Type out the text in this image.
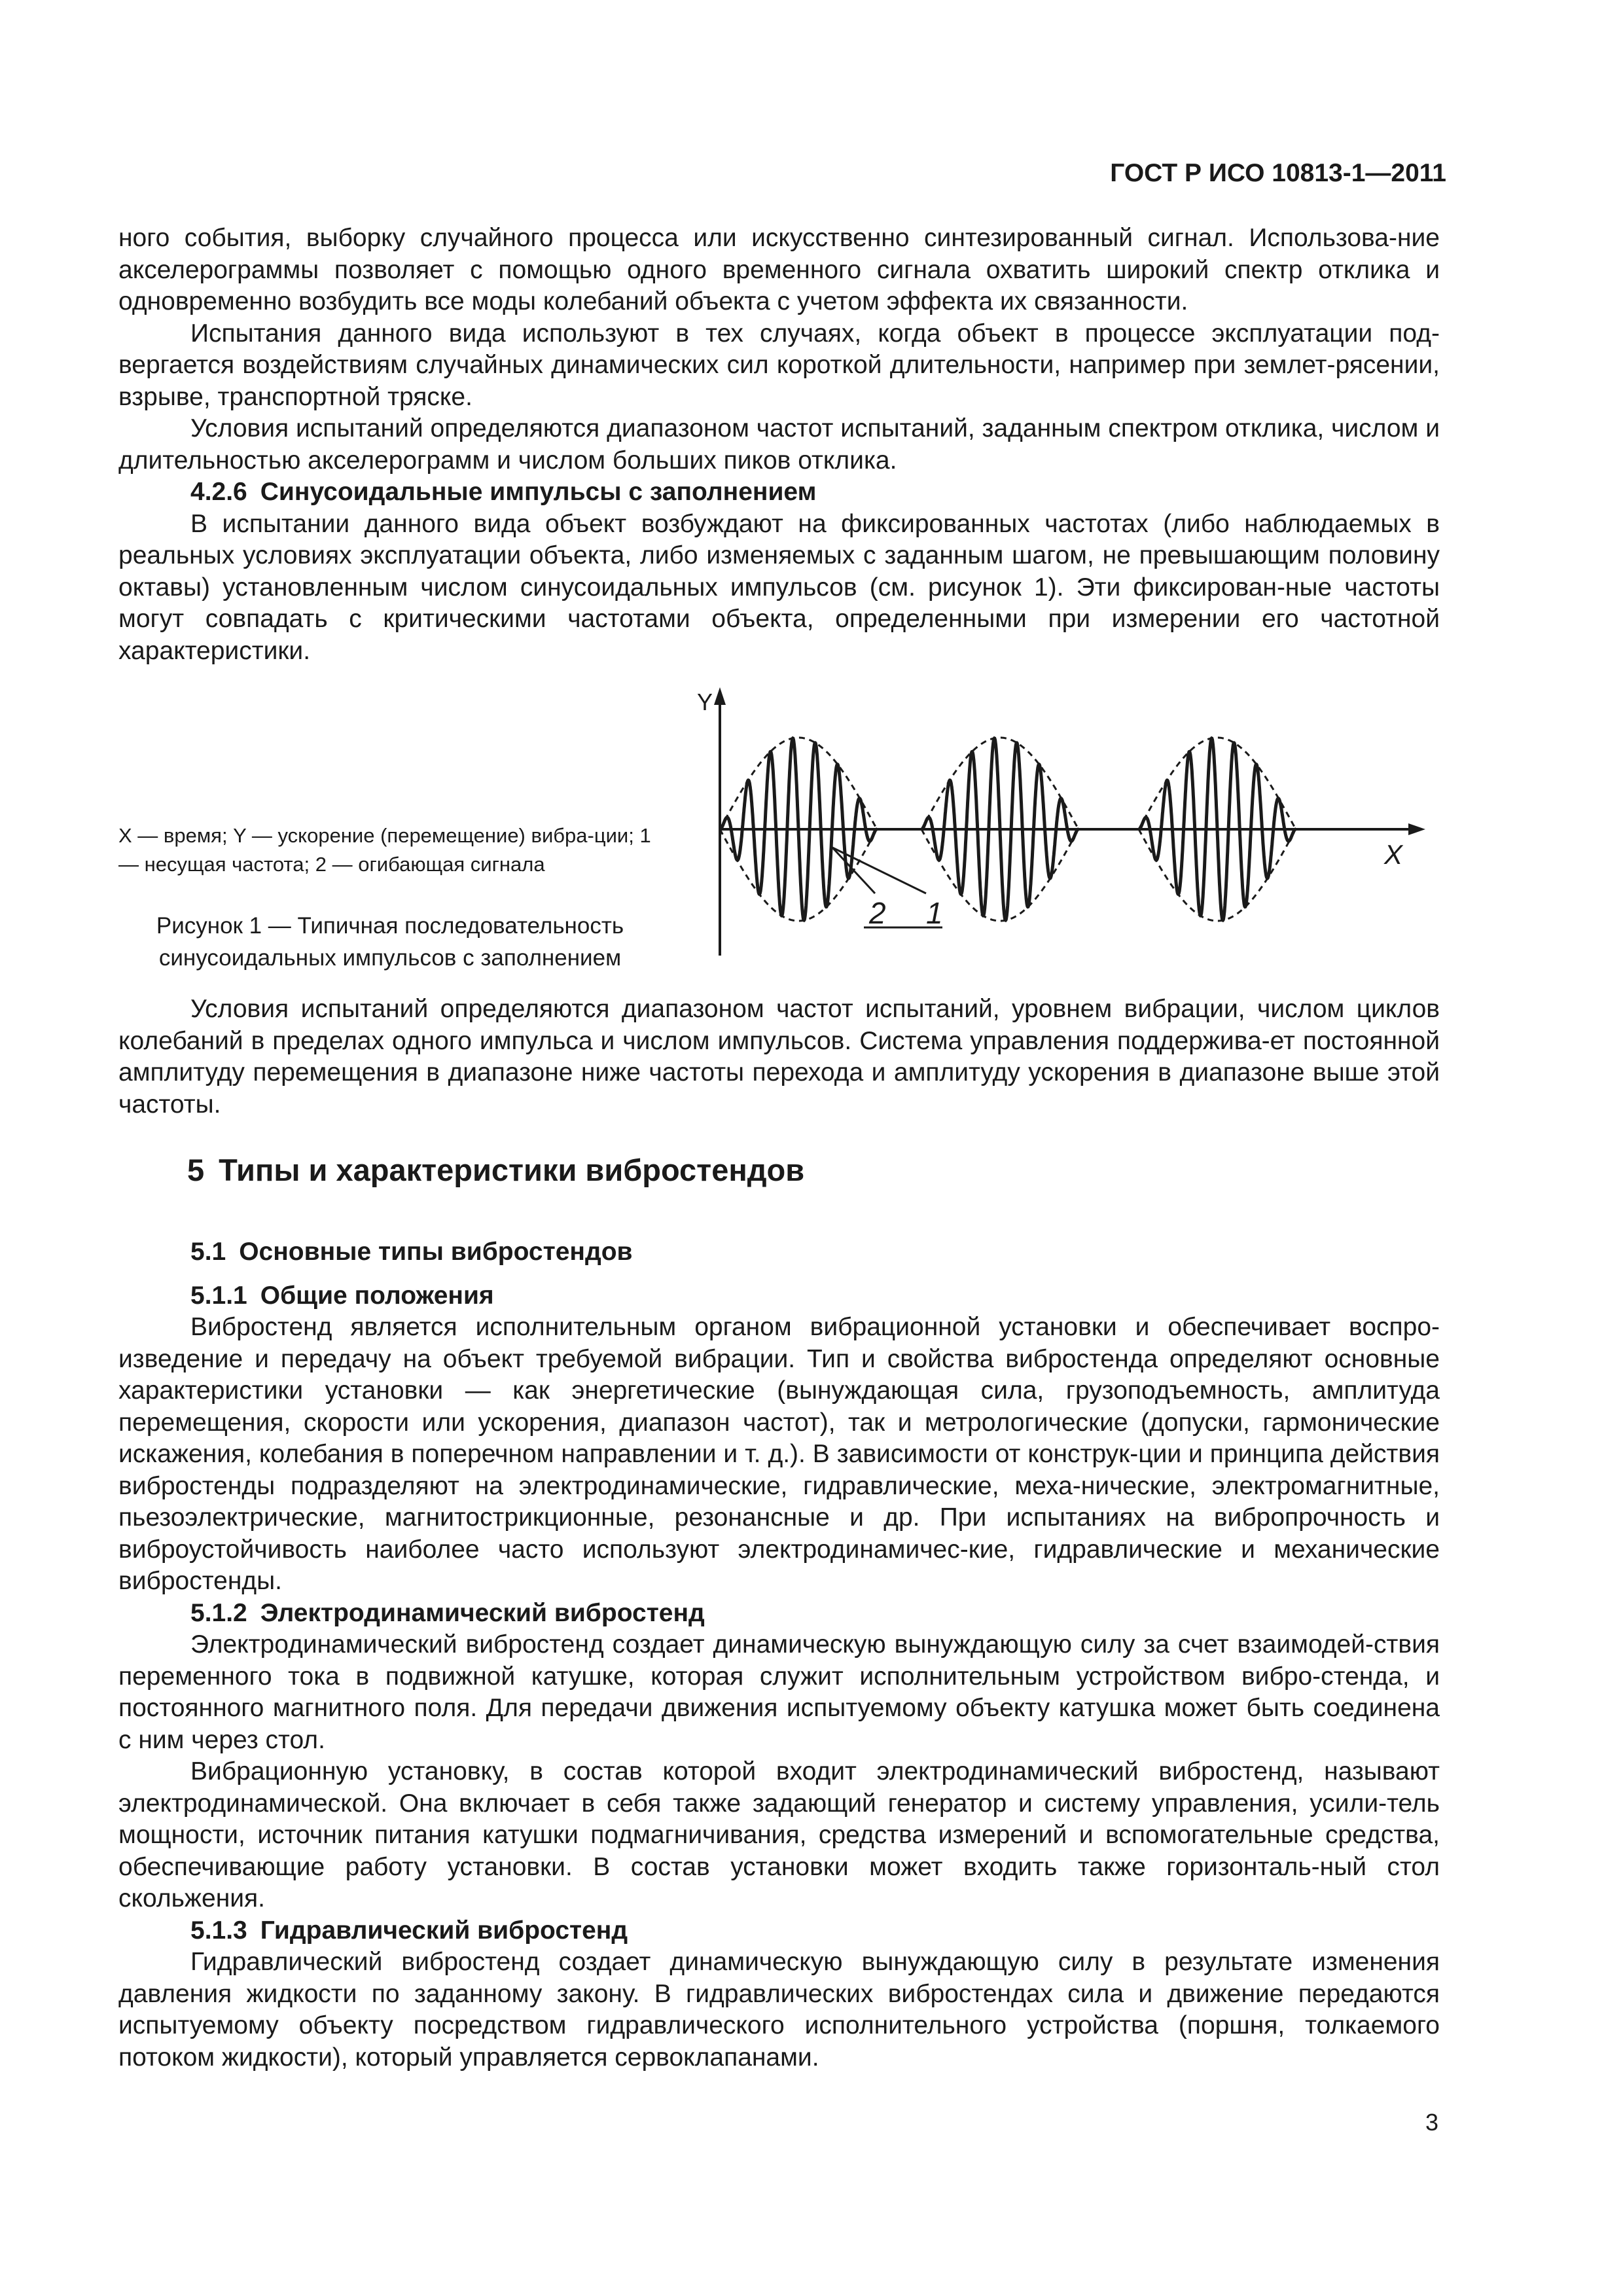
ГОСТ Р ИСО 10813-1—2011

ного события, выборку случайного процесса или искусственно синтезированный сигнал. Использова-ние акселерограммы позволяет с помощью одного временного сигнала охватить широкий спектр отклика и одновременно возбудить все моды колебаний объекта с учетом эффекта их связанности.

Испытания данного вида используют в тех случаях, когда объект в процессе эксплуатации под-вергается воздействиям случайных динамических сил короткой длительности, например при землет-рясении, взрыве, транспортной тряске.

Условия испытаний определяются диапазоном частот испытаний, заданным спектром отклика, числом и длительностью акселерограмм и числом больших пиков отклика.

4.2.6 Синусоидальные импульсы с заполнением

В испытании данного вида объект возбуждают на фиксированных частотах (либо наблюдаемых в реальных условиях эксплуатации объекта, либо изменяемых с заданным шагом, не превышающим половину октавы) установленным числом синусоидальных импульсов (см. рисунок 1). Эти фиксирован-ные частоты могут совпадать с критическими частотами объекта, определенными при измерении его частотной характеристики.

X — время; Y — ускорение (перемещение) вибра-ции; 1 — несущая частота; 2 — огибающая сигнала
Рисунок 1 — Типичная последовательность синусоидальных импульсов с заполнением
Y
X
2 1

Условия испытаний определяются диапазоном частот испытаний, уровнем вибрации, числом циклов колебаний в пределах одного импульса и числом импульсов. Система управления поддержива-ет постоянной амплитуду перемещения в диапазоне ниже частоты перехода и амплитуду ускорения в диапазоне выше этой частоты.

5 Типы и характеристики вибростендов
5.1 Основные типы вибростендов
5.1.1 Общие положения

Вибростенд является исполнительным органом вибрационной установки и обеспечивает воспро-изведение и передачу на объект требуемой вибрации. Тип и свойства вибростенда определяют основные характеристики установки — как энергетические (вынуждающая сила, грузоподъемность, амплитуда перемещения, скорости или ускорения, диапазон частот), так и метрологические (допуски, гармонические искажения, колебания в поперечном направлении и т. д.). В зависимости от конструк-ции и принципа действия вибростенды подразделяют на электродинамические, гидравлические, меха-нические, электромагнитные, пьезоэлектрические, магнитострикционные, резонансные и др. При испытаниях на вибропрочность и виброустойчивость наиболее часто используют электродинамичес-кие, гидравлические и механические вибростенды.

5.1.2 Электродинамический вибростенд

Электродинамический вибростенд создает динамическую вынуждающую силу за счет взаимодей-ствия переменного тока в подвижной катушке, которая служит исполнительным устройством вибро-стенда, и постоянного магнитного поля. Для передачи движения испытуемому объекту катушка может быть соединена с ним через стол.

Вибрационную установку, в состав которой входит электродинамический вибростенд, называют электродинамической. Она включает в себя также задающий генератор и систему управления, усили-тель мощности, источник питания катушки подмагничивания, средства измерений и вспомогательные средства, обеспечивающие работу установки. В состав установки может входить также горизонталь-ный стол скольжения.

5.1.3 Гидравлический вибростенд

Гидравлический вибростенд создает динамическую вынуждающую силу в результате изменения давления жидкости по заданному закону. В гидравлических вибростендах сила и движение передаются испытуемому объекту посредством гидравлического исполнительного устройства (поршня, толкаемого потоком жидкости), который управляется сервоклапанами.

3
